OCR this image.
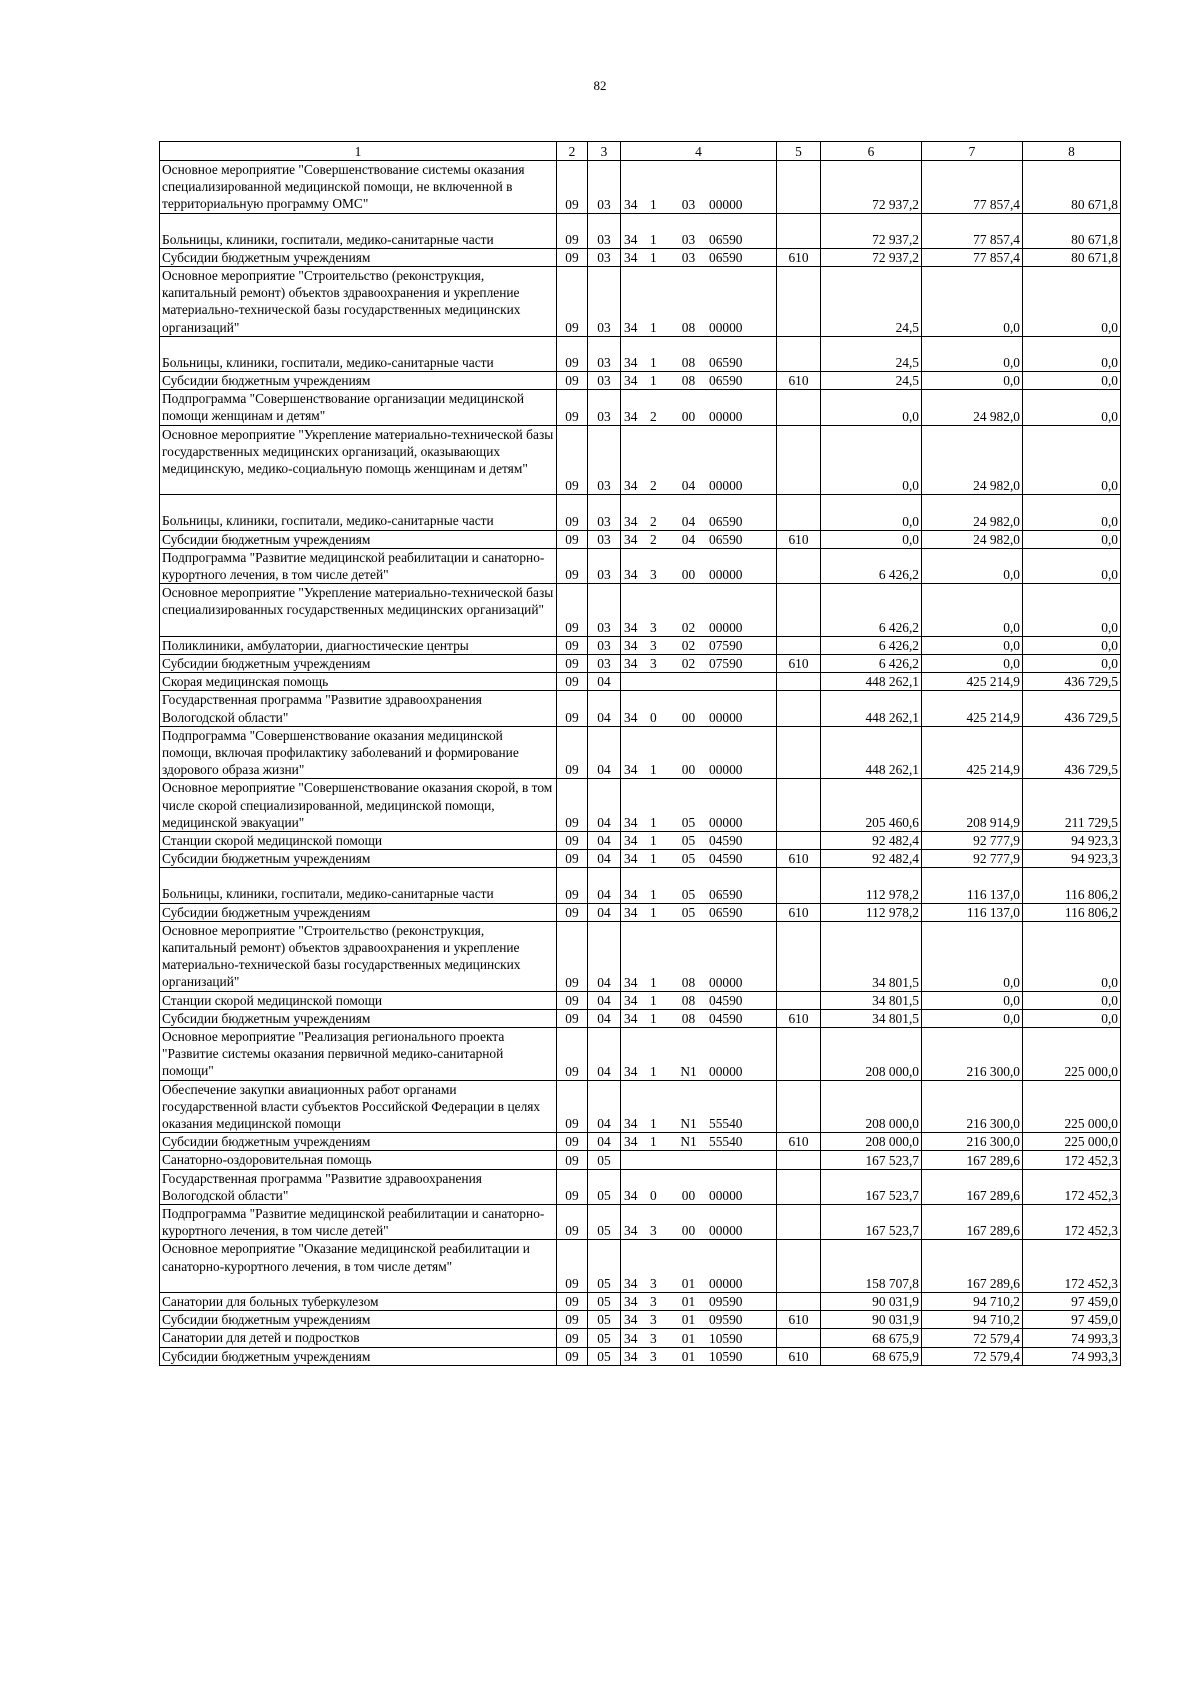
82
1	2	3	4	5	6	7	8
Основное мероприятие "Совершенствование системы оказания специализированной медицинской помощи, не включенной в территориальную программу ОМС"	09	03	34 1 03 00000		72 937,2	77 857,4	80 671,8
Больницы, клиники, госпитали, медико-санитарные части	09	03	34 1 03 06590		72 937,2	77 857,4	80 671,8
Субсидии бюджетным учреждениям	09	03	34 1 03 06590	610	72 937,2	77 857,4	80 671,8
Основное мероприятие "Строительство (реконструкция, капитальный ремонт) объектов здравоохранения и укрепление материально-технической базы государственных медицинских организаций"	09	03	34 1 08 00000		24,5	0,0	0,0
Больницы, клиники, госпитали, медико-санитарные части	09	03	34 1 08 06590		24,5	0,0	0,0
Субсидии бюджетным учреждениям	09	03	34 1 08 06590	610	24,5	0,0	0,0
Подпрограмма "Совершенствование организации медицинской помощи женщинам и детям"	09	03	34 2 00 00000		0,0	24 982,0	0,0
Основное мероприятие "Укрепление материально-технической базы государственных медицинских организаций, оказывающих медицинскую, медико-социальную помощь женщинам и детям"	09	03	34 2 04 00000		0,0	24 982,0	0,0
Больницы, клиники, госпитали, медико-санитарные части	09	03	34 2 04 06590		0,0	24 982,0	0,0
Субсидии бюджетным учреждениям	09	03	34 2 04 06590	610	0,0	24 982,0	0,0
Подпрограмма "Развитие медицинской реабилитации и санаторно-курортного лечения, в том числе детей"	09	03	34 3 00 00000		6 426,2	0,0	0,0
Основное мероприятие "Укрепление материально-технической базы специализированных государственных медицинских организаций"	09	03	34 3 02 00000		6 426,2	0,0	0,0
Поликлиники, амбулатории, диагностические центры	09	03	34 3 02 07590		6 426,2	0,0	0,0
Субсидии бюджетным учреждениям	09	03	34 3 02 07590	610	6 426,2	0,0	0,0
Скорая медицинская помощь	09	04			448 262,1	425 214,9	436 729,5
Государственная программа "Развитие здравоохранения Вологодской области"	09	04	34 0 00 00000		448 262,1	425 214,9	436 729,5
Подпрограмма "Совершенствование оказания медицинской помощи, включая профилактику заболеваний и формирование здорового образа жизни"	09	04	34 1 00 00000		448 262,1	425 214,9	436 729,5
Основное мероприятие "Совершенствование оказания скорой, в том числе скорой специализированной, медицинской помощи, медицинской эвакуации"	09	04	34 1 05 00000		205 460,6	208 914,9	211 729,5
Станции скорой медицинской помощи	09	04	34 1 05 04590		92 482,4	92 777,9	94 923,3
Субсидии бюджетным учреждениям	09	04	34 1 05 04590	610	92 482,4	92 777,9	94 923,3
Больницы, клиники, госпитали, медико-санитарные части	09	04	34 1 05 06590		112 978,2	116 137,0	116 806,2
Субсидии бюджетным учреждениям	09	04	34 1 05 06590	610	112 978,2	116 137,0	116 806,2
Основное мероприятие "Строительство (реконструкция, капитальный ремонт) объектов здравоохранения и укрепление материально-технической базы государственных медицинских организаций"	09	04	34 1 08 00000		34 801,5	0,0	0,0
Станции скорой медицинской помощи	09	04	34 1 08 04590		34 801,5	0,0	0,0
Субсидии бюджетным учреждениям	09	04	34 1 08 04590	610	34 801,5	0,0	0,0
Основное мероприятие "Реализация регионального проекта "Развитие системы оказания первичной медико-санитарной помощи"	09	04	34 1 N1 00000		208 000,0	216 300,0	225 000,0
Обеспечение закупки авиационных работ органами государственной власти субъектов Российской Федерации в целях оказания медицинской помощи	09	04	34 1 N1 55540		208 000,0	216 300,0	225 000,0
Субсидии бюджетным учреждениям	09	04	34 1 N1 55540	610	208 000,0	216 300,0	225 000,0
Санаторно-оздоровительная помощь	09	05			167 523,7	167 289,6	172 452,3
Государственная программа "Развитие здравоохранения Вологодской области"	09	05	34 0 00 00000		167 523,7	167 289,6	172 452,3
Подпрограмма "Развитие медицинской реабилитации и санаторно-курортного лечения, в том числе детей"	09	05	34 3 00 00000		167 523,7	167 289,6	172 452,3
Основное мероприятие "Оказание медицинской реабилитации и санаторно-курортного лечения, в том числе детям"	09	05	34 3 01 00000		158 707,8	167 289,6	172 452,3
Санатории для больных туберкулезом	09	05	34 3 01 09590		90 031,9	94 710,2	97 459,0
Субсидии бюджетным учреждениям	09	05	34 3 01 09590	610	90 031,9	94 710,2	97 459,0
Санатории для детей и подростков	09	05	34 3 01 10590		68 675,9	72 579,4	74 993,3
Субсидии бюджетным учреждениям	09	05	34 3 01 10590	610	68 675,9	72 579,4	74 993,3
